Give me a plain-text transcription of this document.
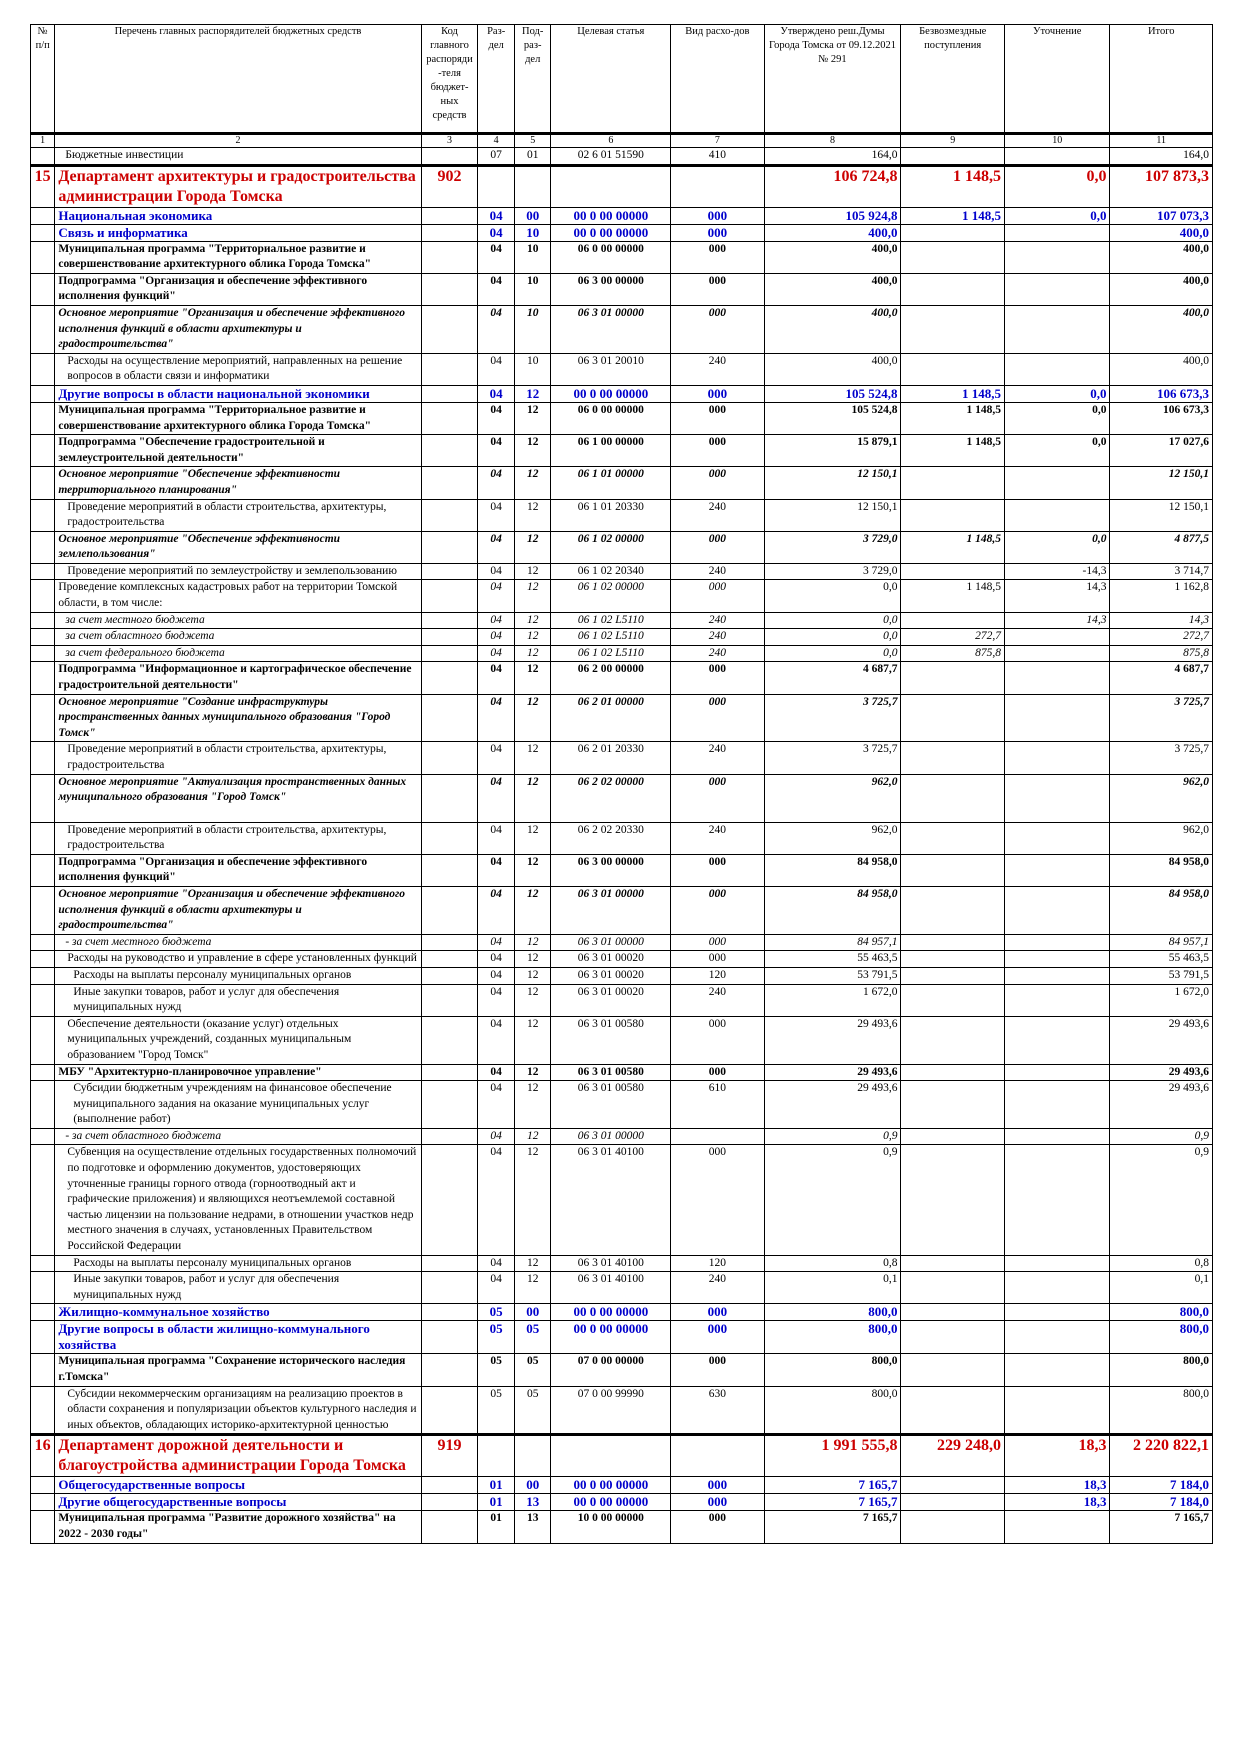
№ п/п	Перечень главных распорядителей бюджетных средств	Код главного распоряди-теля бюджет-ных средств	Раз-дел	Под-раз-дел	Целевая статья	Вид расхо-дов	Утверждено реш.Думы Города Томска от 09.12.2021 № 291	Безвозмездные поступления	Уточнение	Итого
1	2	3	4	5	6	7	8	9	10	11
	Бюджетные инвестиции		07	01	02 6 01 51590	410	164,0			164,0
15	Департамент архитектуры и градостроительства администрации Города Томска	902					106 724,8	1 148,5	0,0	107 873,3
	Национальная экономика		04	00	00 0 00 00000	000	105 924,8	1 148,5	0,0	107 073,3
	Связь и информатика		04	10	00 0 00 00000	000	400,0			400,0
	Муниципальная программа "Территориальное развитие и совершенствование архитектурного облика Города Томска"		04	10	06 0 00 00000	000	400,0			400,0
	Подпрограмма "Организация и обеспечение эффективного исполнения функций"		04	10	06 3 00 00000	000	400,0			400,0
	Основное мероприятие "Организация и обеспечение эффективного исполнения функций в области архитектуры и градостроительства"		04	10	06 3 01 00000	000	400,0			400,0
	Расходы на осуществление мероприятий, направленных на решение вопросов в области связи и информатики		04	10	06 3 01 20010	240	400,0			400,0
	Другие вопросы в области национальной экономики		04	12	00 0 00 00000	000	105 524,8	1 148,5	0,0	106 673,3
	Муниципальная программа "Территориальное развитие и совершенствование архитектурного облика Города Томска"		04	12	06 0 00 00000	000	105 524,8	1 148,5	0,0	106 673,3
	Подпрограмма "Обеспечение градостроительной и землеустроительной деятельности"		04	12	06 1 00 00000	000	15 879,1	1 148,5	0,0	17 027,6
	Основное мероприятие "Обеспечение эффективности территориального планирования"		04	12	06 1 01 00000	000	12 150,1			12 150,1
	Проведение мероприятий в области строительства, архитектуры, градостроительства		04	12	06 1 01 20330	240	12 150,1			12 150,1
	Основное мероприятие "Обеспечение эффективности землепользования"		04	12	06 1 02 00000	000	3 729,0	1 148,5	0,0	4 877,5
	Проведение мероприятий по землеустройству и землепользованию		04	12	06 1 02 20340	240	3 729,0		-14,3	3 714,7
	Проведение комплексных кадастровых работ на территории Томской области, в том числе:		04	12	06 1 02 00000	000	0,0	1 148,5	14,3	1 162,8
	за счет местного бюджета		04	12	06 1 02 L5110	240	0,0		14,3	14,3
	за счет областного бюджета		04	12	06 1 02 L5110	240	0,0	272,7		272,7
	за счет федерального бюджета		04	12	06 1 02 L5110	240	0,0	875,8		875,8
	Подпрограмма "Информационное и картографическое обеспечение градостроительной деятельности"		04	12	06 2 00 00000	000	4 687,7			4 687,7
	Основное мероприятие "Создание инфраструктуры пространственных данных муниципального образования "Город Томск"		04	12	06 2 01 00000	000	3 725,7			3 725,7
	Проведение мероприятий в области строительства, архитектуры, градостроительства		04	12	06 2 01 20330	240	3 725,7			3 725,7
	Основное мероприятие "Актуализация пространственных данных муниципального образования "Город Томск"		04	12	06 2 02 00000	000	962,0			962,0
	Проведение мероприятий в области строительства, архитектуры, градостроительства		04	12	06 2 02 20330	240	962,0			962,0
	Подпрограмма "Организация и обеспечение эффективного исполнения функций"		04	12	06 3 00 00000	000	84 958,0			84 958,0
	Основное мероприятие "Организация и обеспечение эффективного исполнения функций в области архитектуры и градостроительства"		04	12	06 3 01 00000	000	84 958,0			84 958,0
	- за счет местного бюджета		04	12	06 3 01 00000	000	84 957,1			84 957,1
	Расходы на руководство и управление в сфере установленных функций		04	12	06 3 01 00020	000	55 463,5			55 463,5
	Расходы на выплаты персоналу муниципальных органов		04	12	06 3 01 00020	120	53 791,5			53 791,5
	Иные закупки товаров, работ и услуг для обеспечения муниципальных нужд		04	12	06 3 01 00020	240	1 672,0			1 672,0
	Обеспечение деятельности (оказание услуг) отдельных муниципальных учреждений, созданных муниципальным образованием "Город Томск"		04	12	06 3 01 00580	000	29 493,6			29 493,6
	МБУ "Архитектурно-планировочное управление"		04	12	06 3 01 00580	000	29 493,6			29 493,6
	Субсидии бюджетным учреждениям на финансовое обеспечение муниципального задания на оказание муниципальных услуг (выполнение работ)		04	12	06 3 01 00580	610	29 493,6			29 493,6
	- за счет областного бюджета		04	12	06 3 01 00000		0,9			0,9
	Субвенция на осуществление отдельных государственных полномочий по подготовке и оформлению документов, удостоверяющих уточненные границы горного отвода (горноотводный акт и графические приложения) и являющихся неотъемлемой составной частью лицензии на пользование недрами, в отношении участков недр местного значения в случаях, установленных Правительством Российской Федерации		04	12	06 3 01 40100	000	0,9			0,9
	Расходы на выплаты персоналу муниципальных органов		04	12	06 3 01 40100	120	0,8			0,8
	Иные закупки товаров, работ и услуг для обеспечения муниципальных нужд		04	12	06 3 01 40100	240	0,1			0,1
	Жилищно-коммунальное хозяйство		05	00	00 0 00 00000	000	800,0			800,0
	Другие вопросы в области жилищно-коммунального хозяйства		05	05	00 0 00 00000	000	800,0			800,0
	Муниципальная программа "Сохранение исторического наследия г.Томска"		05	05	07 0 00 00000	000	800,0			800,0
	Субсидии некоммерческим организациям на реализацию проектов в области сохранения и популяризации объектов культурного наследия и иных объектов, обладающих историко-архитектурной ценностью		05	05	07 0 00 99990	630	800,0			800,0
16	Департамент дорожной деятельности и благоустройства администрации Города Томска	919					1 991 555,8	229 248,0	18,3	2 220 822,1
	Общегосударственные вопросы		01	00	00 0 00 00000	000	7 165,7		18,3	7 184,0
	Другие общегосударственные вопросы		01	13	00 0 00 00000	000	7 165,7		18,3	7 184,0
	Муниципальная программа "Развитие дорожного хозяйства" на 2022 - 2030 годы"		01	13	10 0 00 00000	000	7 165,7			7 165,7
